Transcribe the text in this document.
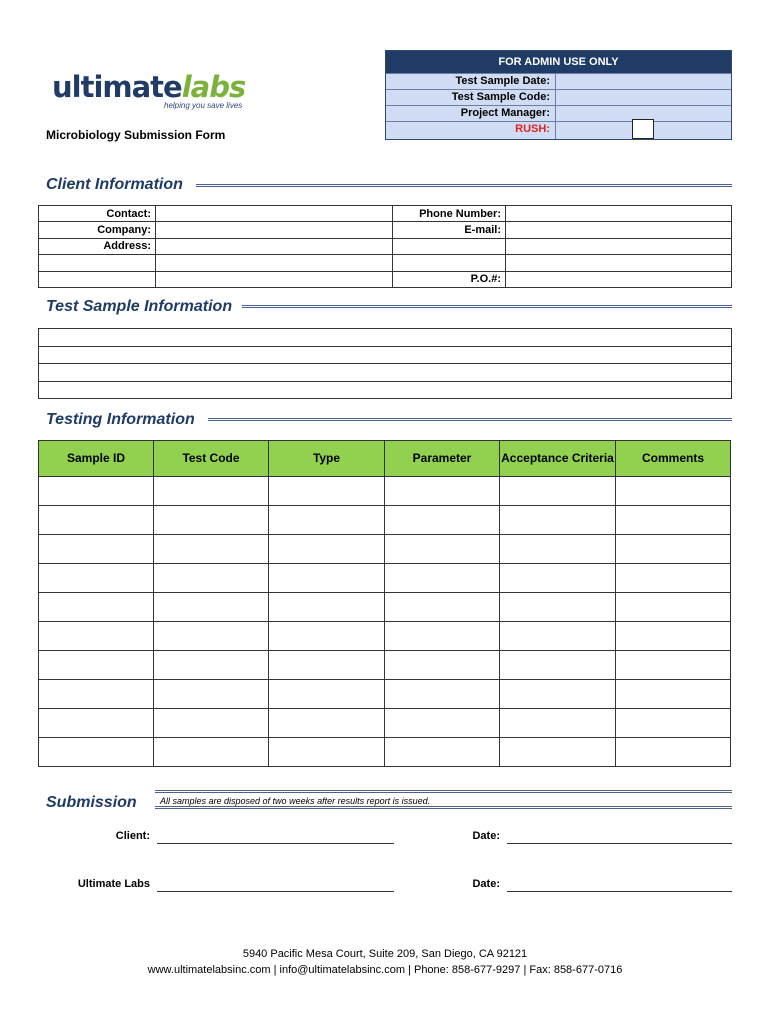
ultimatelabs
helping you save lives
Microbiology Submission Form
FOR ADMIN USE ONLY
Test Sample Date:
Test Sample Code:
Project Manager:
RUSH:
Client Information
Contact:		Phone Number:	
Company:		E-mail:	
Address:			

		P.O.#:	
Test Sample Information

Testing Information
Sample ID	Test Code	Type	Parameter	Acceptance Criteria	Comments

Submission	All samples are disposed of two weeks after results report is issued.
Client:	Date:
Ultimate Labs	Date:
5940 Pacific Mesa Court, Suite 209, San Diego, CA 92121
www.ultimatelabsinc.com | info@ultimatelabsinc.com | Phone: 858-677-9297 | Fax: 858-677-0716
